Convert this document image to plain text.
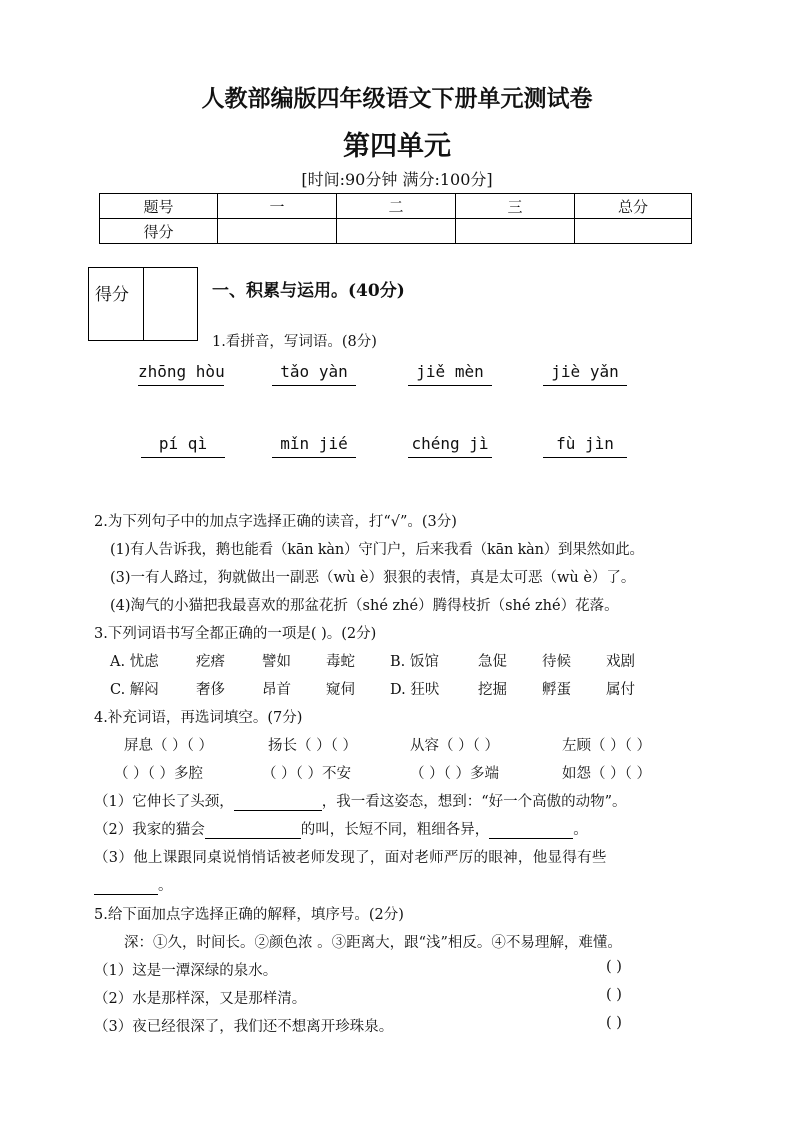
人教部编版四年级语文下册单元测试卷
第四单元
[时间:90分钟 满分:100分]
题号	一	二	三	总分
得分				
得分	一、积累与运用。(40分)
1.看拼音，写词语。(8分)
zhōng hòu	tǎo yàn	jiě mèn	jiè yǎn
pí qì	mǐn jié	chéng jì	fù jìn
2.为下列句子中的加点字选择正确的读音，打“√”。(3分)
(1)有人告诉我，鹅也能看（kān kàn）守门户，后来我看（kān kàn）到果然如此。
(3)一有人路过，狗就做出一副恶（wù è）狠狠的表情，真是太可恶（wù è）了。
(4)淘气的小猫把我最喜欢的那盆花折（shé zhé）腾得枝折（shé zhé）花落。
3.下列词语书写全都正确的一项是( )。(2分)
A. 忧虑	疙瘩	譬如 毒蛇 B. 饭馆	急促 待候 戏剧
C. 解闷	奢侈	昂首 窥伺 D. 狂吠	挖掘 孵蛋 属付
4.补充词语，再选词填空。(7分)
屏息（ ）（ ）	扬长（ ）（ ）	从容（ ）（ ）	左顾（ ）（ ）
（ ）（ ）多腔	（ ）（ ）不安	（ ）（ ）多端	如怨（ ）（ ）
（1）它伸长了头颈，	，我一看这姿态，想到：“好一个高傲的动物”。
（2）我家的猫会	的叫，长短不同，粗细各异，	。
（3）他上课跟同桌说悄悄话被老师发现了，面对老师严厉的眼神，他显得有些
。
5.给下面加点字选择正确的解释，填序号。(2分)
深：①久，时间长。②颜色浓 。③距离大，跟“浅”相反。④不易理解，难懂。
（1）这是一潭深绿的泉水。	( )
（2）水是那样深，又是那样清。	( )
（3）夜已经很深了，我们还不想离开珍珠泉。	( )
